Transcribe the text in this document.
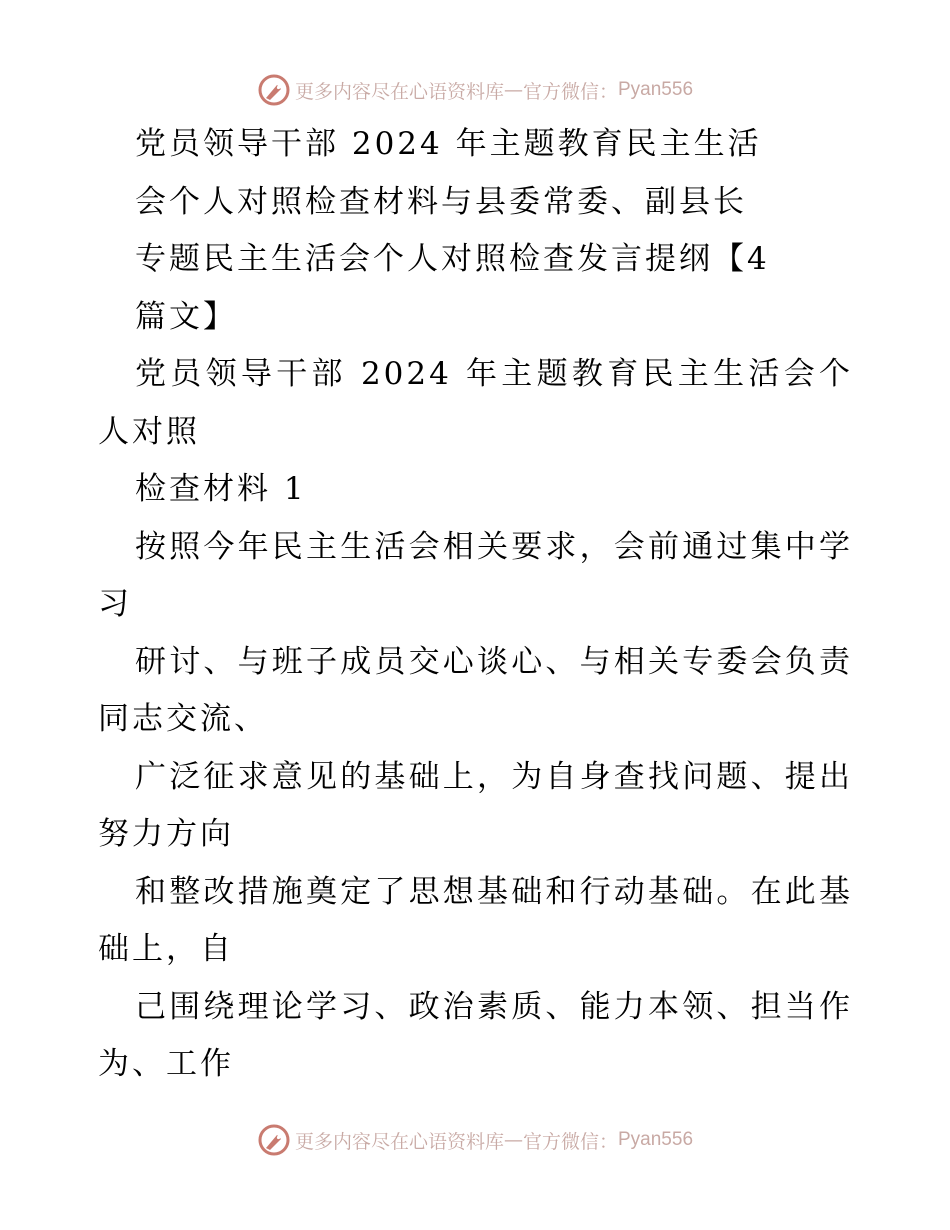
更多内容尽在心语资料库 — 官方微信： Pyan556

党员领导干部 2024 年主题教育民主生活

会个人对照检查材料与县委常委、副县长

专题民主生活会个人对照检查发言提纲【4

篇文】

党员领导干部 2024 年主题教育民主生活会个人对照

检查材料 1

按照今年民主生活会相关要求，会前通过集中学习

研讨、与班子成员交心谈心、与相关专委会负责同志交流、

广泛征求意见的基础上，为自身查找问题、提出努力方向

和整改措施奠定了思想基础和行动基础。在此基础上，自

己围绕理论学习、政治素质、能力本领、担当作为、工作

更多内容尽在心语资料库 — 官方微信： Pyan556
